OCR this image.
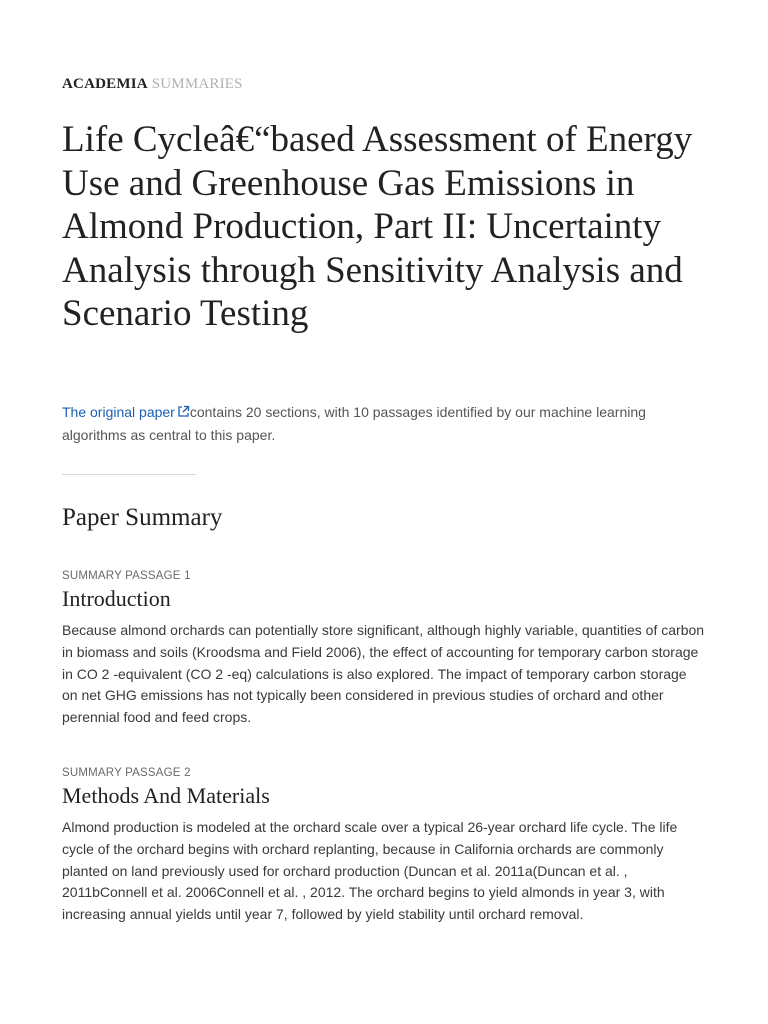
ACADEMIA SUMMARIES
Life Cycleâ€“based Assessment of Energy Use and Greenhouse Gas Emissions in Almond Production, Part II: Uncertainty Analysis through Sensitivity Analysis and Scenario Testing
The original paper contains 20 sections, with 10 passages identified by our machine learning algorithms as central to this paper.
Paper Summary
SUMMARY PASSAGE 1
Introduction

Because almond orchards can potentially store significant, although highly variable, quantities of carbon in biomass and soils (Kroodsma and Field 2006), the effect of accounting for temporary carbon storage in CO 2 -equivalent (CO 2 -eq) calculations is also explored. The impact of temporary carbon storage on net GHG emissions has not typically been considered in previous studies of orchard and other perennial food and feed crops.

SUMMARY PASSAGE 2
Methods And Materials

Almond production is modeled at the orchard scale over a typical 26-year orchard life cycle. The life cycle of the orchard begins with orchard replanting, because in California orchards are commonly planted on land previously used for orchard production (Duncan et al. 2011a(Duncan et al. , 2011bConnell et al. 2006Connell et al. , 2012. The orchard begins to yield almonds in year 3, with increasing annual yields until year 7, followed by yield stability until orchard removal.
